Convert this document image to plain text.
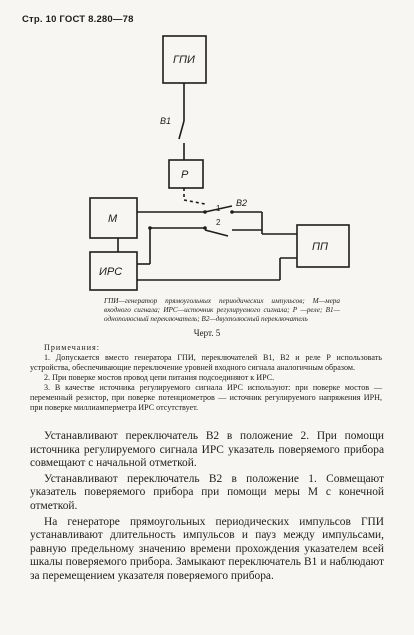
Стр. 10 ГОСТ 8.280—78
ГПИ
Р
М
ИРС
ПП
В1
В2
1
2
ГПИ—генератор прямоугольных периодических импульсов; М—мера входного сигнала; ИРС—источник регулируемого сигнала; Р —реле; В1—однополюсный переключатель; В2—двухполюсный переключатель
Черт. 5

Примечания:

1. Допускается вместо генератора ГПИ, переключателей В1, В2 и реле Р использовать устройства, обеспечивающие переключение уровней входного сигнала аналогичным образом.

2. При поверке мостов провод цепи питания подсоединяют к ИРС.

3. В качестве источника регулируемого сигнала ИРС используют: при поверке мостов — переменный резистор, при поверке потенциометров — источник регулируемого напряжения ИРН, при поверке миллиамперметра ИРС отсутствует.

Устанавливают переключатель В2 в положение 2. При помощи источника регулируемого сигнала ИРС указатель поверяемого прибора совмещают с начальной отметкой.

Устанавливают переключатель В2 в положение 1. Совмещают указатель поверяемого прибора при помощи меры М с конечной отметкой.

На генераторе прямоугольных периодических импульсов ГПИ устанавливают длительность импульсов и пауз между импульсами, равную предельному значению времени прохождения указателем всей шкалы поверяемого прибора. Замыкают переключатель В1 и наблюдают за перемещением указателя поверяемого прибора.
